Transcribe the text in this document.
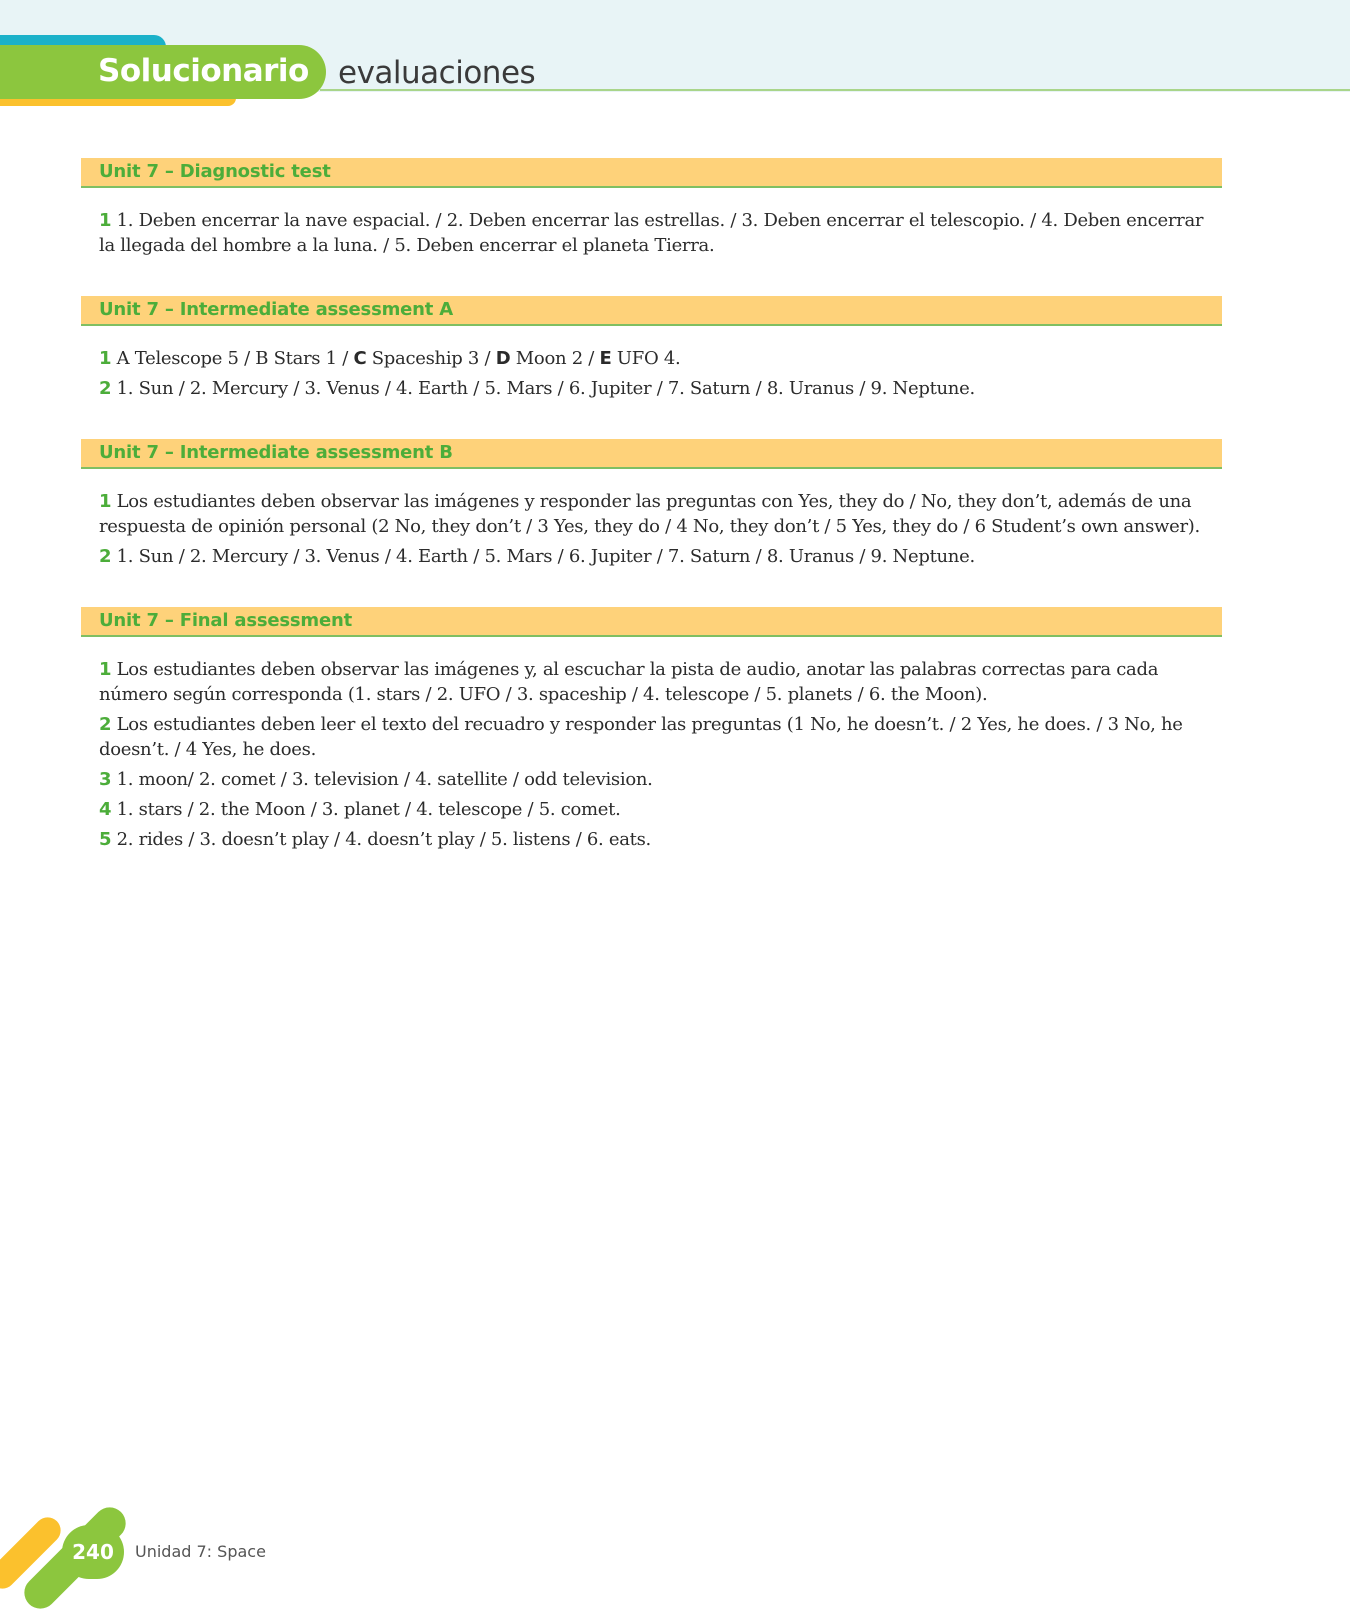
Solucionario evaluaciones
Unit 7 – Diagnostic test
1 1. Deben encerrar la nave espacial. / 2. Deben encerrar las estrellas. / 3. Deben encerrar el telescopio. / 4. Deben encerrar la llegada del hombre a la luna. / 5. Deben encerrar el planeta Tierra.
Unit 7 – Intermediate assessment A
1 A Telescope 5 / B Stars 1 / C Spaceship 3 / D Moon 2 / E UFO 4.
2 1. Sun / 2. Mercury / 3. Venus / 4. Earth / 5. Mars / 6. Jupiter / 7. Saturn / 8. Uranus / 9. Neptune.
Unit 7 – Intermediate assessment B
1 Los estudiantes deben observar las imágenes y responder las preguntas con Yes, they do / No, they don’t, además de una respuesta de opinión personal (2 No, they don’t / 3 Yes, they do / 4 No, they don’t / 5 Yes, they do / 6 Student’s own answer).
2 1. Sun / 2. Mercury / 3. Venus / 4. Earth / 5. Mars / 6. Jupiter / 7. Saturn / 8. Uranus / 9. Neptune.
Unit 7 – Final assessment
1 Los estudiantes deben observar las imágenes y, al escuchar la pista de audio, anotar las palabras correctas para cada número según corresponda (1. stars / 2. UFO / 3. spaceship / 4. telescope / 5. planets / 6. the Moon).
2 Los estudiantes deben leer el texto del recuadro y responder las preguntas (1 No, he doesn’t. / 2 Yes, he does. / 3 No, he doesn’t. / 4 Yes, he does.
3 1. moon/ 2. comet / 3. television / 4. satellite / odd television.
4 1. stars / 2. the Moon / 3. planet / 4. telescope / 5. comet.
5 2. rides / 3. doesn’t play / 4. doesn’t play / 5. listens / 6. eats.
240	Unidad 7: Space
